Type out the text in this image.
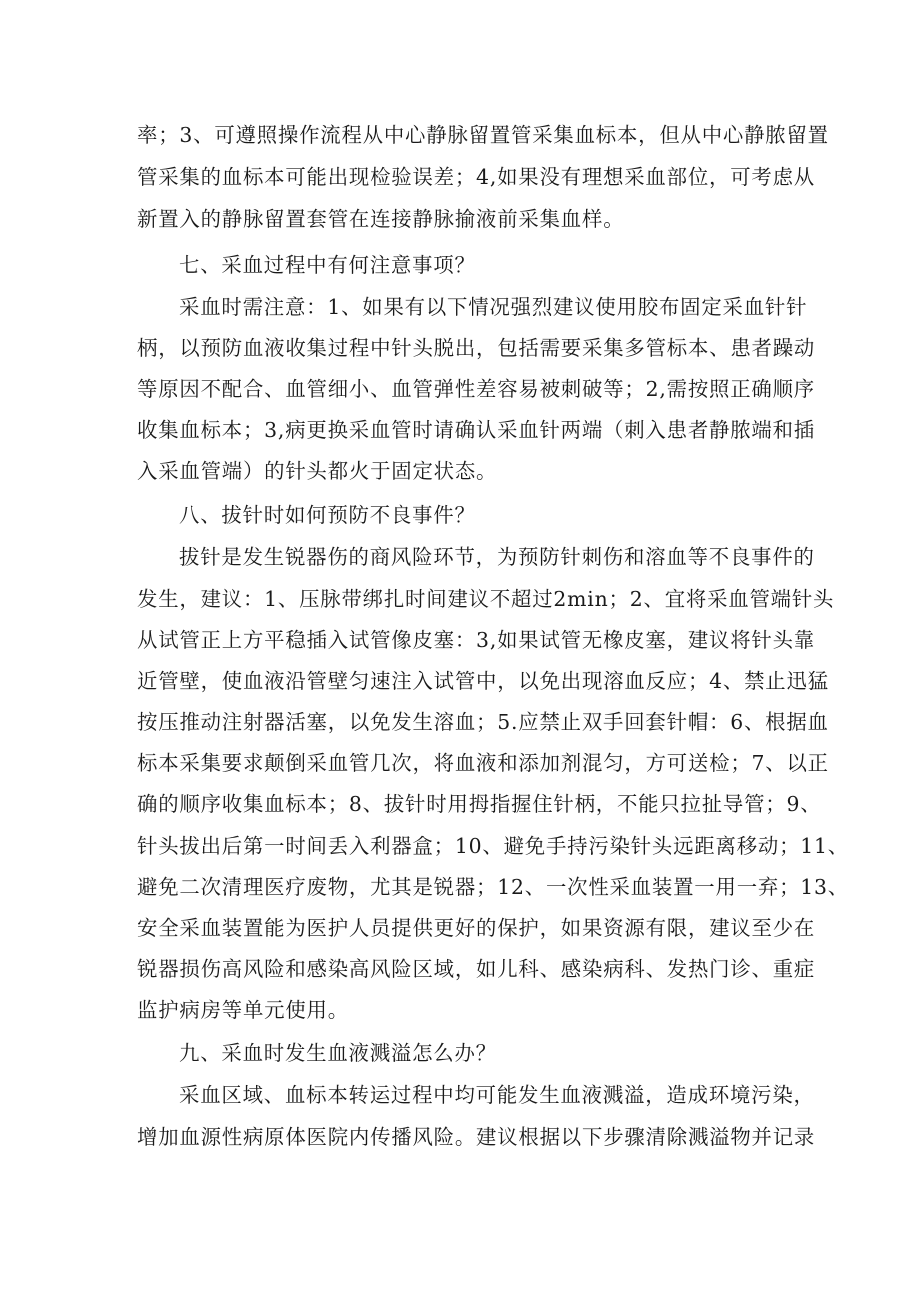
率；3、可遵照操作流程从中心静脉留置管采集血标本，但从中心静脓留置
管采集的血标本可能出现检验误差；4,如果没有理想采血部位，可考虑从
新置入的静脉留置套管在连接静脉揄液前采集血样。
七、采血过程中有何注意事项？
采血时需注意：1、如果有以下情况强烈建议使用胶布固定采血针针
柄，以预防血液收集过程中针头脱出，包括需要采集多管标本、患者躁动
等原因不配合、血管细小、血管弹性差容易被刺破等；2,需按照正确顺序
收集血标本；3,病更换采血管时请确认采血针两端（刺入患者静脓端和插
入采血管端）的针头都火于固定状态。
八、拔针时如何预防不良事件？
拔针是发生锐器伤的商风险环节，为预防针刺伤和溶血等不良事件的
发生，建议：1、压脉带绑扎时间建议不超过2min；2、宜将采血管端针头
从试管正上方平稳插入试管像皮塞：3,如果试管无橡皮塞，建议将针头靠
近管壁，使血液沿管壁匀速注入试管中，以免出现溶血反应；4、禁止迅猛
按压推动注射器活塞，以免发生溶血；5.应禁止双手回套针帽：6、根据血
标本采集要求颠倒采血管几次，将血液和添加剂混匀，方可送检；7、以正
确的顺序收集血标本；8、拔针时用拇指握住针柄，不能只拉扯导管；9、
针头拔出后第一时间丢入利器盒；10、避免手持污染针头远距离移动；11、
避免二次清理医疗废物，尤其是锐器；12、一次性采血装置一用一弃；13、
安全采血装置能为医护人员提供更好的保护，如果资源有限，建议至少在
锐器损伤高风险和感染高风险区域，如儿科、感染病科、发热门诊、重症
监护病房等单元使用。
九、采血时发生血液溅溢怎么办？
采血区域、血标本转运过程中均可能发生血液溅溢，造成环境污染，
增加血源性病原体医院内传播风险。建议根据以下步骤清除溅溢物并记录
